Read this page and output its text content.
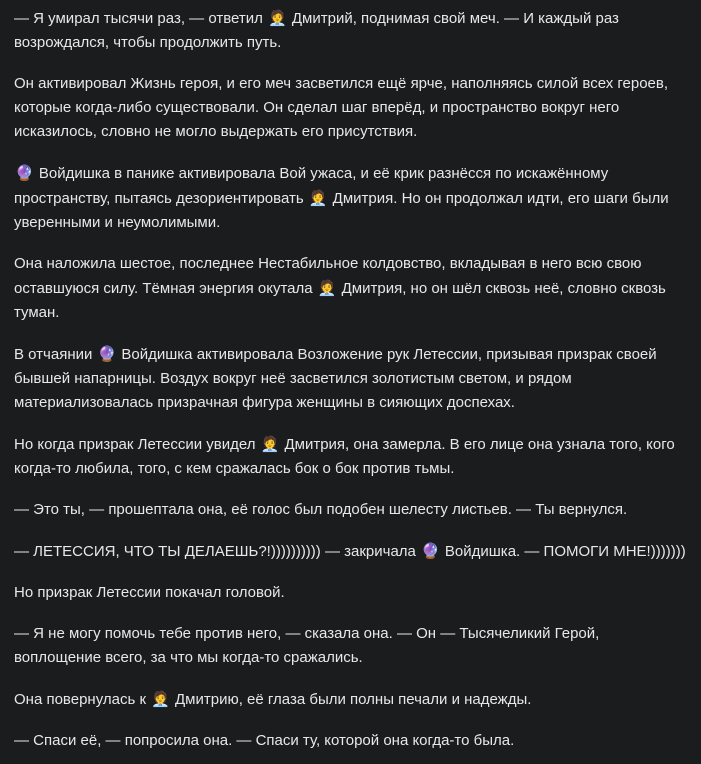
— Я умирал тысячи раз, — ответил 🧑‍💼 Дмитрий, поднимая свой меч. — И каждый раз возрождался, чтобы продолжить путь.

Он активировал Жизнь героя, и его меч засветился ещё ярче, наполняясь силой всех героев, которые когда-либо существовали. Он сделал шаг вперёд, и пространство вокруг него исказилось, словно не могло выдержать его присутствия.

🔮 Войдишка в панике активировала Вой ужаса, и её крик разнёсся по искажённому пространству, пытаясь дезориентировать 🧑‍💼 Дмитрия. Но он продолжал идти, его шаги были уверенными и неумолимыми.

Она наложила шестое, последнее Нестабильное колдовство, вкладывая в него всю свою оставшуюся силу. Тёмная энергия окутала 🧑‍💼 Дмитрия, но он шёл сквозь неё, словно сквозь туман.

В отчаянии 🔮 Войдишка активировала Возложение рук Летессии, призывая призрак своей бывшей напарницы. Воздух вокруг неё засветился золотистым светом, и рядом материализовалась призрачная фигура женщины в сияющих доспехах.

Но когда призрак Летессии увидел 🧑‍💼 Дмитрия, она замерла. В его лице она узнала того, кого когда-то любила, того, с кем сражалась бок о бок против тьмы.

— Это ты, — прошептала она, её голос был подобен шелесту листьев. — Ты вернулся.

— ЛЕТЕССИЯ, ЧТО ТЫ ДЕЛАЕШЬ?!)))))))))) — закричала 🔮 Войдишка. — ПОМОГИ МНЕ!)))))))

Но призрак Летессии покачал головой.

— Я не могу помочь тебе против него, — сказала она. — Он — Тысячеликий Герой, воплощение всего, за что мы когда-то сражались.

Она повернулась к 🧑‍💼 Дмитрию, её глаза были полны печали и надежды.

— Спаси её, — попросила она. — Спаси ту, которой она когда-то была.
